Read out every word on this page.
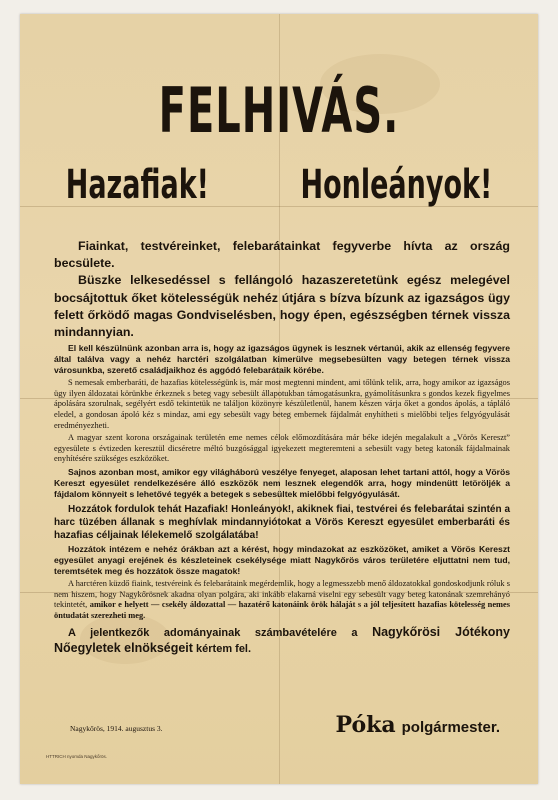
FELHIVÁS.
Hazafiak!	Honleányok!

Fiainkat, testvéreinket, felebarátainkat fegyverbe hívta az ország becsülete.

Büszke lelkesedéssel s fellángoló hazaszeretetünk egész melegével bocsájtottuk őket kötelességük nehéz útjára s bízva bízunk az igazságos ügy felett őrködő magas Gondviselésben, hogy épen, egészségben térnek vissza mindannyian.

El kell készülnünk azonban arra is, hogy az igazságos ügynek is lesznek vértanúi, akik az ellenség fegyvere által találva vagy a nehéz harctéri szolgálatban kimerülve megsebesülten vagy betegen térnek vissza városunkba, szerető családjaikhoz és aggódó felebarátaik körébe.

S nemesak emberbaráti, de hazafias kötelességünk is, már most megtenni mindent, ami tőlünk telik, arra, hogy amikor az igazságos ügy ilyen áldozatai körünkbe érkeznek s beteg vagy sebesült állapotukban támogatásunkra, gyámolításunkra s gondos kezek figyelmes ápolására szorulnak, segélyért esdő tekintetük ne találjon közönyre készületlenül, hanem készen várja őket a gondos ápolás, a tápláló eledel, a gondosan ápoló kéz s mindaz, ami egy sebesült vagy beteg embernek fájdalmát enyhítheti s mielőbbi teljes felgyógyulását eredményezheti.

A magyar szent korona országainak területén eme nemes célok előmozdítására már béke idején megalakult a „Vörös Kereszt” egyesülete s évtizeden keresztül dicséretre méltó buzgósággal igyekezett megteremteni a sebesült vagy beteg katonák fájdalmainak enyhítésére szükséges eszközöket.

Sajnos azonban most, amikor egy világháború veszélye fenyeget, alaposan lehet tartani attól, hogy a Vörös Kereszt egyesület rendelkezésére álló eszközök nem lesznek elegendők arra, hogy mindenütt letöröljék a fájdalom könnyeit s lehetővé tegyék a betegek s sebesültek mielőbbi felgyógyulását.

Hozzátok fordulok tehát Hazafiak! Honleányok!, akiknek fiai, testvérei és felebarátai szintén a harc tüzében állanak s meghívlak mindannyiótokat a Vörös Kereszt egyesület emberbaráti és hazafias céljainak lélekemelő szolgálatába!

Hozzátok intézem e nehéz órákban azt a kérést, hogy mindazokat az eszközöket, amiket a Vörös Kereszt egyesület anyagi erejének és készleteinek csekélysége miatt Nagykőrös város területére eljuttatni nem tud, teremtsétek meg és hozzátok össze magatok!

A harctéren küzdő fiaink, testvéreink és felebarátaink megérdemlik, hogy a legmesszebb menő áldozatokkal gondoskodjunk róluk s nem hiszem, hogy Nagykőrösnek akadna olyan polgára, aki inkább elakarná viselni egy sebesült vagy beteg katonának szemrehányó tekintetét, amikor e helyett — csekély áldozattal — hazatérő katonáink örök hálaját s a jól teljesített hazafias kötelesség nemes öntudatát szerezheti meg.

A jelentkezők adományainak számbavételére a Nagykőrösi Jótékony Nőegyletek elnökségeit kértem fel.

Nagykőrös, 1914. augusztus 3.	Póka polgármester.
HTTRICH nyomda Nagykőrös.
